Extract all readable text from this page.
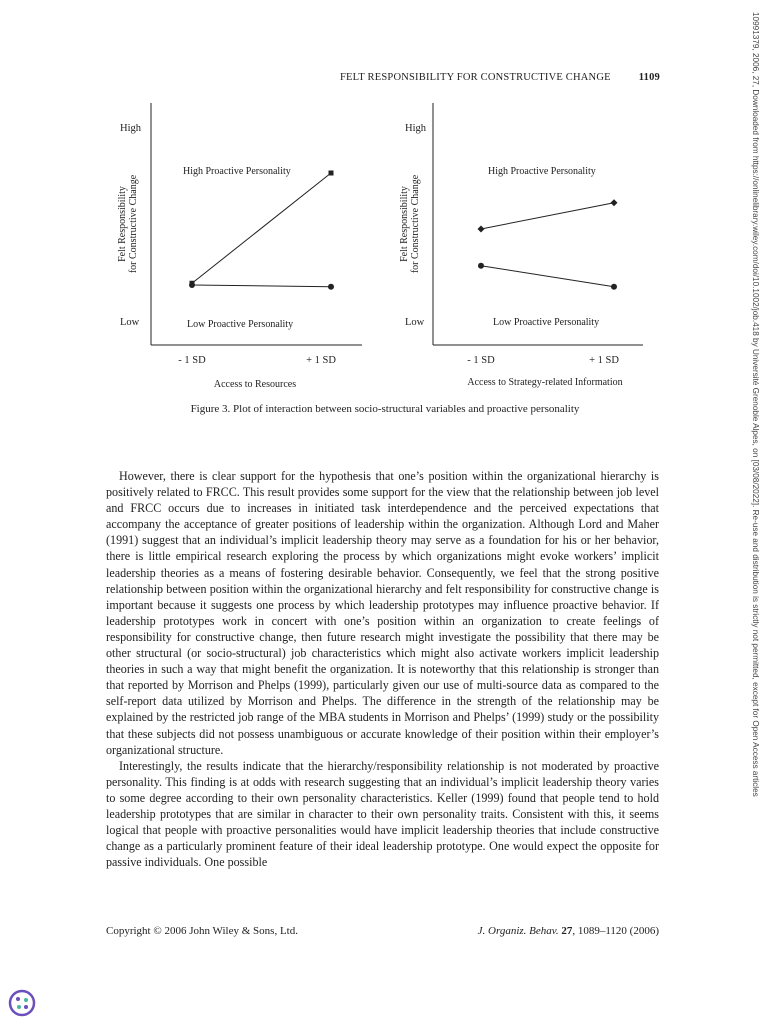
FELT RESPONSIBILITY FOR CONSTRUCTIVE CHANGE	1109	10991379, 2006, 27, Downloaded from https://onlinelibrary.wiley.com/doi/10.1002/job.418 by Université Grenoble Alpes, on [03/08/2022]. Re-use and distribution is strictly not permitted, except for Open Access articles
High
Low
Felt Responsibilityfor Constructive Change
- 1 SD	+ 1 SD
Access to Resources
High Proactive Personality
Low Proactive Personality
High
Low
Felt Responsibilityfor Constructive Change
- 1 SD	+ 1 SD
Access to Strategy-related Information
High Proactive Personality
Low Proactive Personality
Figure 3. Plot of interaction between socio-structural variables and proactive personality

However, there is clear support for the hypothesis that one’s position within the organizational hierarchy is positively related to FRCC. This result provides some support for the view that the relationship between job level and FRCC occurs due to increases in initiated task interdependence and the perceived expectations that accompany the acceptance of greater positions of leadership within the organization. Although Lord and Maher (1991) suggest that an individual’s implicit leadership theory may serve as a foundation for his or her behavior, there is little empirical research exploring the process by which organizations might evoke workers’ implicit leadership theories as a means of fostering desirable behavior. Consequently, we feel that the strong positive relationship between position within the organizational hierarchy and felt responsibility for constructive change is important because it suggests one process by which leadership prototypes may influence proactive behavior. If leadership prototypes work in concert with one’s position within an organization to create feelings of responsibility for constructive change, then future research might investigate the possibility that there may be other structural (or socio-structural) job characteristics which might also activate workers implicit leadership theories in such a way that might benefit the organization. It is noteworthy that this relationship is stronger than that reported by Morrison and Phelps (1999), particularly given our use of multi-source data as compared to the self-report data utilized by Morrison and Phelps. The difference in the strength of the relationship may be explained by the restricted job range of the MBA students in Morrison and Phelps’ (1999) study or the possibility that these subjects did not possess unambiguous or accurate knowledge of their position within their employer’s organizational structure.

Interestingly, the results indicate that the hierarchy/responsibility relationship is not moderated by proactive personality. This finding is at odds with research suggesting that an individual’s implicit leadership theory varies to some degree according to their own personality characteristics. Keller (1999) found that people tend to hold leadership prototypes that are similar in character to their own personality traits. Consistent with this, it seems logical that people with proactive personalities would have implicit leadership theories that include constructive change as a particularly prominent feature of their ideal leadership prototype. One would expect the opposite for passive individuals. One possible

Copyright © 2006 John Wiley & Sons, Ltd.	J. Organiz. Behav. 27, 1089–1120 (2006)
